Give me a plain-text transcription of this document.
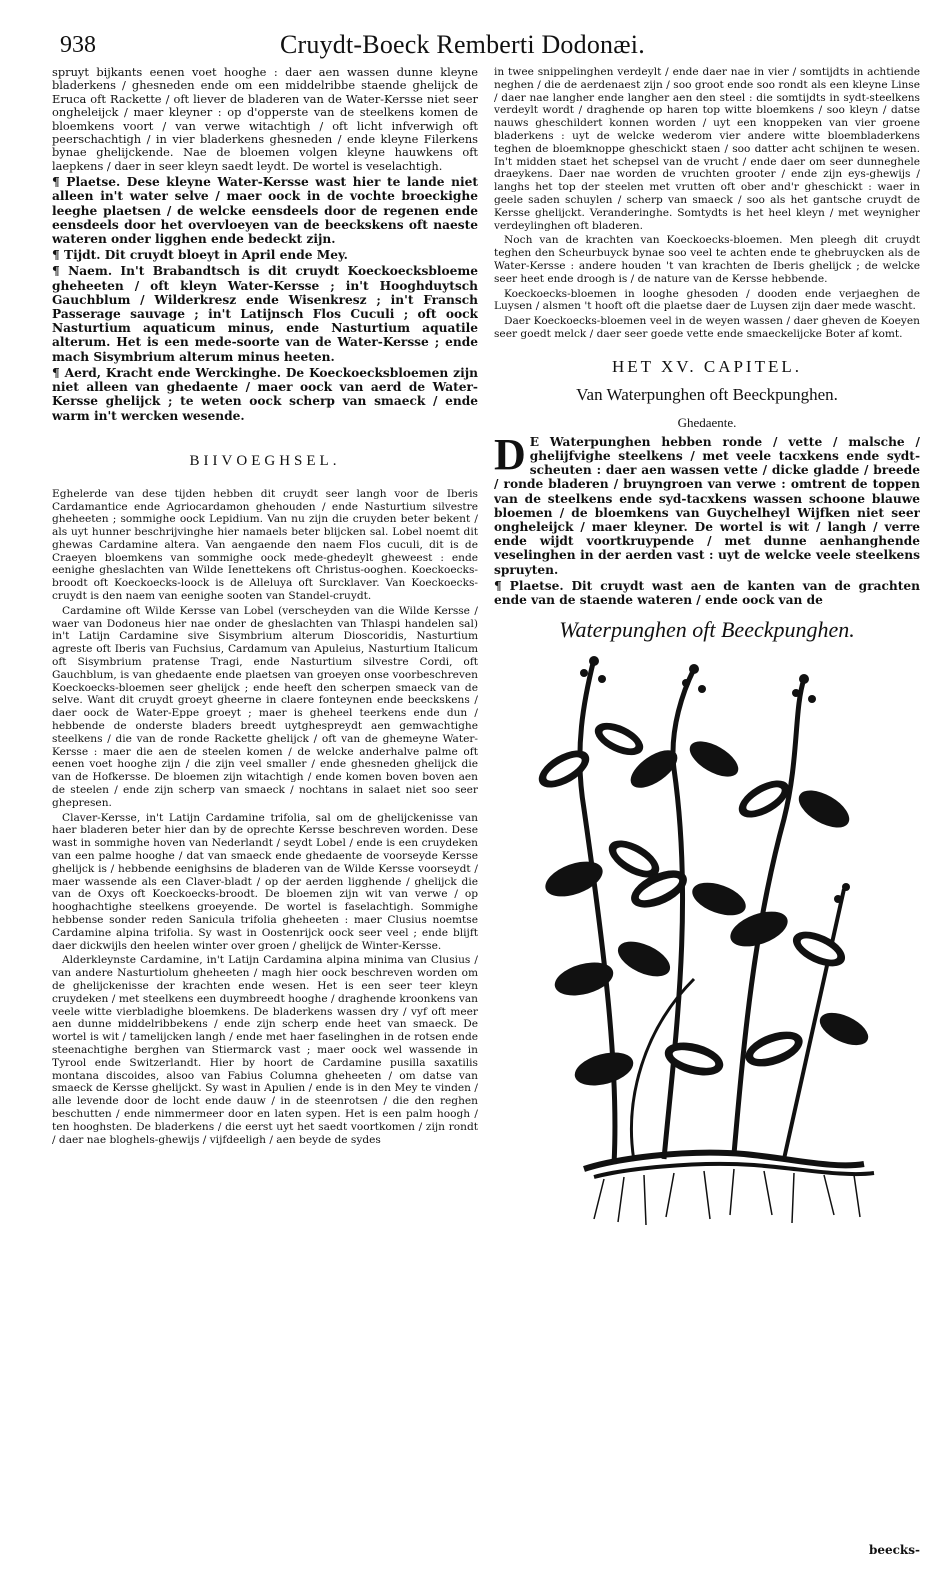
938	Cruydt-Boeck Remberti Dodonæi.

spruyt bijkants eenen voet hooghe : daer aen wassen dunne kleyne bladerkens / ghesneden ende om een middelribbe staende ghelijck de Eruca oft Rackette / oft liever de bladeren van de Water-Kersse niet seer ongheleijck / maer kleyner : op d'opperste van de steelkens komen de bloemkens voort / van verwe witachtigh / oft licht infverwigh oft peerschachtigh / in vier bladerkens ghesneden / ende kleyne Filerkens bynae ghelijckende. Nae de bloemen volgen kleyne hauwkens oft laepkens / daer in seer kleyn saedt leydt. De wortel is veselachtigh.

¶ Plaetse. Dese kleyne Water-Kersse wast hier te lande niet alleen in't water selve / maer oock in de vochte broeckighe leeghe plaetsen / de welcke eensdeels door de regenen ende eensdeels door het overvloeyen van de beeckskens oft naeste wateren onder ligghen ende bedeckt zijn.

¶ Tijdt. Dit cruydt bloeyt in April ende Mey.

¶ Naem. In't Brabandtsch is dit cruydt Koeckoecksbloeme gheheeten / oft kleyn Water-Kersse ; in't Hooghduytsch Gauchblum / Wilderkresz ende Wisenkresz ; in't Fransch Passerage sauvage ; in't Latijnsch Flos Cuculi ; oft oock Nasturtium aquaticum minus, ende Nasturtium aquatile alterum. Het is een mede-soorte van de Water-Kersse ; ende mach Sisymbrium alterum minus heeten.

¶ Aerd, Kracht ende Werckinghe. De Koeckoecksbloemen zijn niet alleen van ghedaente / maer oock van aerd de Water-Kersse ghelijck ; te weten oock scherp van smaeck / ende warm in't wercken wesende.

BIIVOEGHSEL.

Eghelerde van dese tijden hebben dit cruydt seer langh voor de Iberis Cardamantice ende Agriocardamon ghehouden / ende Nasturtium silvestre gheheeten ; sommighe oock Lepidium. Van nu zijn die cruyden beter bekent / als uyt hunner beschrijvinghe hier namaels beter blijcken sal. Lobel noemt dit ghewas Cardamine altera. Van aengaende den naem Flos cuculi, dit is de Craeyen bloemkens van sommighe oock mede-ghedeylt gheweest : ende eenighe gheslachten van Wilde Ienettekens oft Christus-ooghen. Koeckoecks-broodt oft Koeckoecks-loock is de Alleluya oft Surcklaver. Van Koeckoecks-cruydt is den naem van eenighe sooten van Standel-cruydt.

Cardamine oft Wilde Kersse van Lobel (verscheyden van die Wilde Kersse / waer van Dodoneus hier nae onder de gheslachten van Thlaspi handelen sal) in't Latijn Cardamine sive Sisymbrium alterum Dioscoridis, Nasturtium agreste oft Iberis van Fuchsius, Cardamum van Apuleius, Nasturtium Italicum oft Sisymbrium pratense Tragi, ende Nasturtium silvestre Cordi, oft Gauchblum, is van ghedaente ende plaetsen van groeyen onse voorbeschreven Koeckoecks-bloemen seer ghelijck ; ende heeft den scherpen smaeck van de selve. Want dit cruydt groeyt gheerne in claere fonteynen ende beeckskens / daer oock de Water-Eppe groeyt ; maer is gheheel teerkens ende dun / hebbende de onderste bladers breedt uytghespreydt aen gemwachtighe steelkens / die van de ronde Rackette ghelijck / oft van de ghemeyne Water-Kersse : maer die aen de steelen komen / de welcke anderhalve palme oft eenen voet hooghe zijn / die zijn veel smaller / ende ghesneden ghelijck die van de Hofkersse. De bloemen zijn witachtigh / ende komen boven boven aen de steelen / ende zijn scherp van smaeck / nochtans in salaet niet soo seer ghepresen.

Claver-Kersse, in't Latijn Cardamine trifolia, sal om de ghelijckenisse van haer bladeren beter hier dan by de oprechte Kersse beschreven worden. Dese wast in sommighe hoven van Nederlandt / seydt Lobel / ende is een cruydeken van een palme hooghe / dat van smaeck ende ghedaente de voorseyde Kersse ghelijck is / hebbende eenighsins de bladeren van de Wilde Kersse voorseydt / maer wassende als een Claver-bladt / op der aerden ligghende / ghelijck die van de Oxys oft Koeckoecks-broodt. De bloemen zijn wit van verwe / op hooghachtighe steelkens groeyende. De wortel is faselachtigh. Sommighe hebbense sonder reden Sanicula trifolia gheheeten : maer Clusius noemtse Cardamine alpina trifolia. Sy wast in Oostenrijck oock seer veel ; ende blijft daer dickwijls den heelen winter over groen / ghelijck de Winter-Kersse.

Alderkleynste Cardamine, in't Latijn Cardamina alpina minima van Clusius / van andere Nasturtiolum gheheeten / magh hier oock beschreven worden om de ghelijckenisse der krachten ende wesen. Het is een seer teer kleyn cruydeken / met steelkens een duymbreedt hooghe / draghende kroonkens van veele witte vierbladighe bloemkens. De bladerkens wassen dry / vyf oft meer aen dunne middelribbekens / ende zijn scherp ende heet van smaeck. De wortel is wit / tamelijcken langh / ende met haer faselinghen in de rotsen ende steenachtighe berghen van Stiermarck vast ; maer oock wel wassende in Tyrool ende Switzerlandt. Hier by hoort de Cardamine pusilla saxatilis montana discoides, alsoo van Fabius Columna gheheeten / om datse van smaeck de Kersse ghelijckt. Sy wast in Apulien / ende is in den Mey te vinden / alle levende door de locht ende dauw / in de steenrotsen / die den reghen beschutten / ende nimmermeer door en laten sypen. Het is een palm hoogh / ten hooghsten. De bladerkens / die eerst uyt het saedt voortkomen / zijn rondt / daer nae bloghels-ghewijs / vijfdeeligh / aen beyde de sydes

in twee snippelinghen verdeylt / ende daer nae in vier / somtijdts in achtiende neghen / die de aerdenaest zijn / soo groot ende soo rondt als een kleyne Linse / daer nae langher ende langher aen den steel : die somtijdts in sydt-steelkens verdeylt wordt / draghende op haren top witte bloemkens / soo kleyn / datse nauws gheschildert konnen worden / uyt een knoppeken van vier groene bladerkens : uyt de welcke wederom vier andere witte bloembladerkens teghen de bloemknoppe gheschickt staen / soo datter acht schijnen te wesen. In't midden staet het schepsel van de vrucht / ende daer om seer dunneghele draeykens. Daer nae worden de vruchten grooter / ende zijn eys-ghewijs / langhs het top der steelen met vrutten oft ober and'r gheschickt : waer in geele saden schuylen / scherp van smaeck / soo als het gantsche cruydt de Kersse ghelijckt. Veranderinghe. Somtydts is het heel kleyn / met weynigher verdeylinghen oft bladeren.

Noch van de krachten van Koeckoecks-bloemen. Men pleegh dit cruydt teghen den Scheurbuyck bynae soo veel te achten ende te ghebruycken als de Water-Kersse : andere houden 't van krachten de Iberis ghelijck ; de welcke seer heet ende droogh is / de nature van de Kersse hebbende.

Koeckoecks-bloemen in looghe ghesoden / dooden ende verjaeghen de Luysen / alsmen 't hooft oft die plaetse daer de Luysen zijn daer mede wascht.

Daer Koeckoecks-bloemen veel in de weyen wassen / daer gheven de Koeyen seer goedt melck / daer seer goede vette ende smaeckelijcke Boter af komt.

HET XV. CAPITEL.
Van Waterpunghen oft Beeckpunghen.
Ghedaente.

D E Waterpunghen hebben ronde / vette / malsche / ghelijfvighe steelkens / met veele tacxkens ende sydt-scheuten : daer aen wassen vette / dicke gladde / breede / ronde bladeren / bruyngroen van verwe : omtrent de toppen van de steelkens ende syd-tacxkens wassen schoone blauwe bloemen / de bloemkens van Guychelheyl Wijfken niet seer ongheleijck / maer kleyner. De wortel is wit / langh / verre ende wijdt voortkruypende / met dunne aenhanghende veselinghen in der aerden vast : uyt de welcke veele steelkens spruyten.

¶ Plaetse. Dit cruydt wast aen de kanten van de grachten ende van de staende wateren / ende oock van de

Waterpunghen oft Beeckpunghen.
beecks-
